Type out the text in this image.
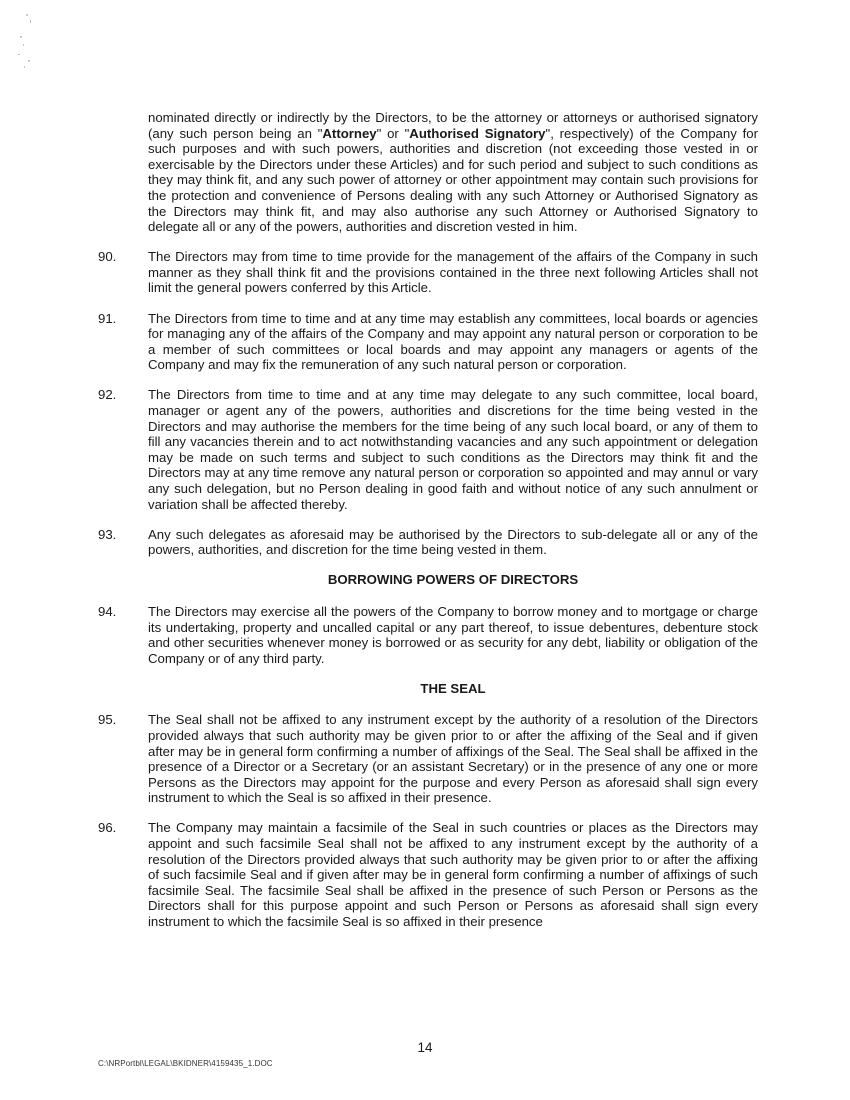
nominated directly or indirectly by the Directors, to be the attorney or attorneys or authorised signatory (any such person being an "Attorney" or "Authorised Signatory", respectively) of the Company for such purposes and with such powers, authorities and discretion (not exceeding those vested in or exercisable by the Directors under these Articles) and for such period and subject to such conditions as they may think fit, and any such power of attorney or other appointment may contain such provisions for the protection and convenience of Persons dealing with any such Attorney or Authorised Signatory as the Directors may think fit, and may also authorise any such Attorney or Authorised Signatory to delegate all or any of the powers, authorities and discretion vested in him.
90. The Directors may from time to time provide for the management of the affairs of the Company in such manner as they shall think fit and the provisions contained in the three next following Articles shall not limit the general powers conferred by this Article.
91. The Directors from time to time and at any time may establish any committees, local boards or agencies for managing any of the affairs of the Company and may appoint any natural person or corporation to be a member of such committees or local boards and may appoint any managers or agents of the Company and may fix the remuneration of any such natural person or corporation.
92. The Directors from time to time and at any time may delegate to any such committee, local board, manager or agent any of the powers, authorities and discretions for the time being vested in the Directors and may authorise the members for the time being of any such local board, or any of them to fill any vacancies therein and to act notwithstanding vacancies and any such appointment or delegation may be made on such terms and subject to such conditions as the Directors may think fit and the Directors may at any time remove any natural person or corporation so appointed and may annul or vary any such delegation, but no Person dealing in good faith and without notice of any such annulment or variation shall be affected thereby.
93. Any such delegates as aforesaid may be authorised by the Directors to sub-delegate all or any of the powers, authorities, and discretion for the time being vested in them.
BORROWING POWERS OF DIRECTORS
94. The Directors may exercise all the powers of the Company to borrow money and to mortgage or charge its undertaking, property and uncalled capital or any part thereof, to issue debentures, debenture stock and other securities whenever money is borrowed or as security for any debt, liability or obligation of the Company or of any third party.
THE SEAL
95. The Seal shall not be affixed to any instrument except by the authority of a resolution of the Directors provided always that such authority may be given prior to or after the affixing of the Seal and if given after may be in general form confirming a number of affixings of the Seal. The Seal shall be affixed in the presence of a Director or a Secretary (or an assistant Secretary) or in the presence of any one or more Persons as the Directors may appoint for the purpose and every Person as aforesaid shall sign every instrument to which the Seal is so affixed in their presence.
96. The Company may maintain a facsimile of the Seal in such countries or places as the Directors may appoint and such facsimile Seal shall not be affixed to any instrument except by the authority of a resolution of the Directors provided always that such authority may be given prior to or after the affixing of such facsimile Seal and if given after may be in general form confirming a number of affixings of such facsimile Seal. The facsimile Seal shall be affixed in the presence of such Person or Persons as the Directors shall for this purpose appoint and such Person or Persons as aforesaid shall sign every instrument to which the facsimile Seal is so affixed in their presence
14
C:\NRPortbl\LEGAL\BKIDNER\4159435_1.DOC
